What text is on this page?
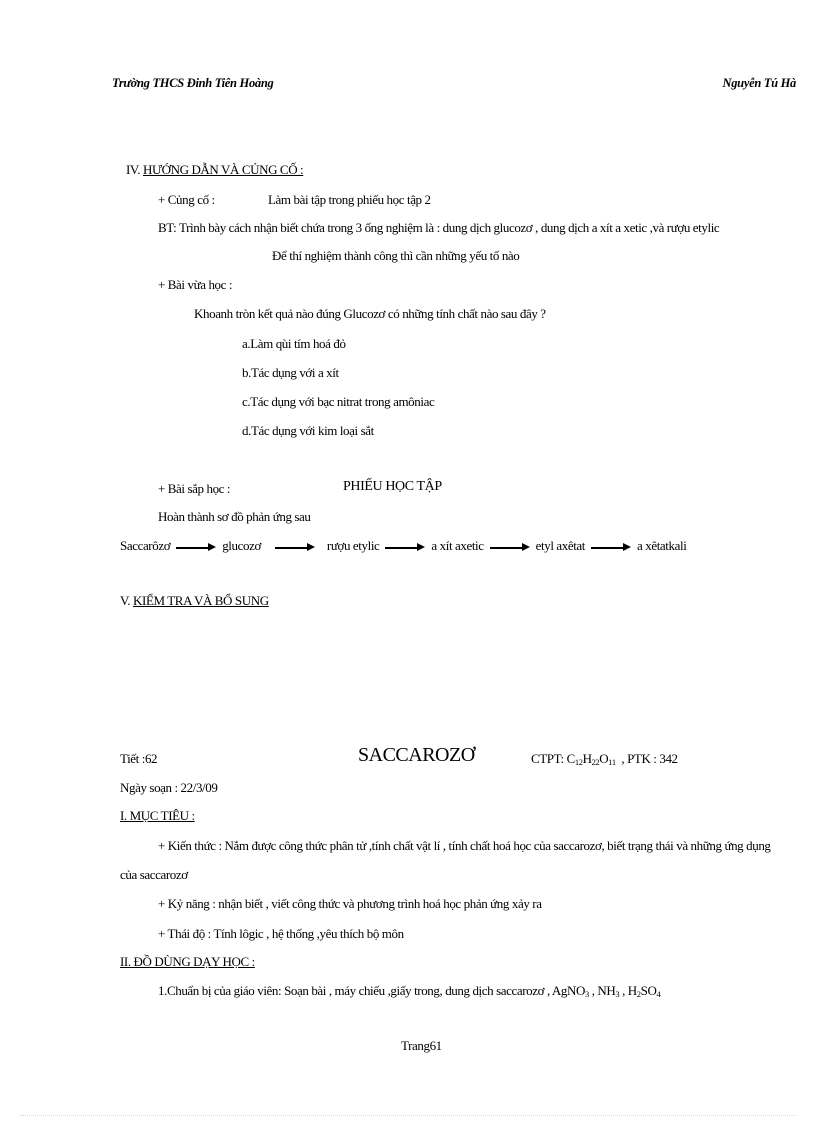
Trường THCS Đinh Tiên Hoàng	Nguyễn Tú Hà
IV. HƯỚNG DẪN VÀ CỦNG CỐ :
+ Củng cố :	Làm bài tập trong phiếu học tập 2
BT: Trình bày cách nhận biết chứa trong 3 ống nghiệm là : dung dịch glucozơ , dung dịch a xít a xetic ,và rượu etylic
Để thí nghiệm thành công thì cần những yếu tố nào
+ Bài vừa học :
Khoanh tròn kết quả nào đúng Glucozơ có những tính chất nào sau đây ?
a.Làm qùi tím hoá đỏ
b.Tác dụng với a xít
c.Tác dụng với bạc nitrat trong amôniac
d.Tác dụng với kim loại sắt
+ Bài sắp học :	PHIẾU HỌC TẬP
Hoàn thành sơ đồ phản ứng sau
Saccarôzơ	glucozơ	rượu etylic	a xít axetic	etyl axêtat	a xêtatkali
V. KIỂM TRA VÀ BỔ SUNG
Tiết :62	SACCAROZƠ	CTPT: $C_{12}H_{22}O_{11}$ , PTK : 342
Ngày soạn : 22/3/09
I. MỤC TIÊU :
+ Kiến thức : Nắm được công thức phân tử ,tính chất vật lí , tính chất hoá học của saccarozơ, biết trạng thái và những ứng dụng
của saccarozơ
+ Kỷ năng : nhận biết , viết công thức và phương trình hoá học phản ứng xảy ra
+ Thái độ : Tính lôgic , hệ thống ,yêu thích bộ môn
II. ĐỒ DÙNG DẠY HỌC :
1.Chuẩn bị của giáo viên: Soạn bài , máy chiếu ,giấy trong, dung dịch saccarozơ , AgNO$_3$ , $NH_3$ , $H_2SO_4$
Trang61
